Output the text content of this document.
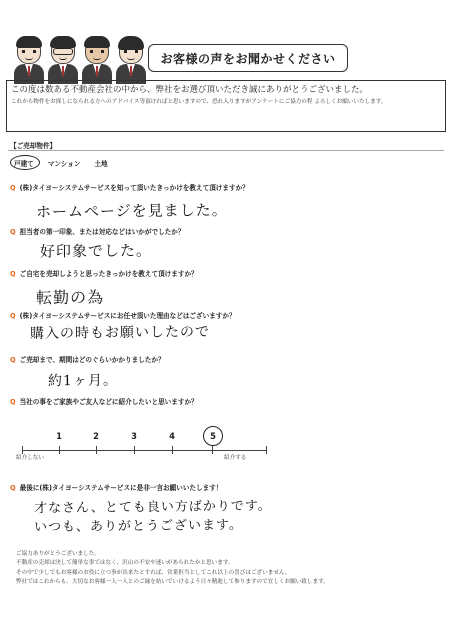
お客様の声をお聞かせください
この度は数ある不動産会社の中から、弊社をお選び頂いただき誠にありがとうございました。
これから物件をお探しになられる方へのアドバイス等頂ければと思いますので、恐れ入りますがアンケートにご協力の程 よろしくお願いいたします。
【ご売却物件】
戸建て マンション 土地
Q (株)タイヨーシステムサービスを知って頂いたきっかけを教えて頂けますか？
ホームページを見ました。
Q 担当者の第一印象、または対応などはいかがでしたか？
好印象でした。
Q ご自宅を売却しようと思ったきっかけを教えて頂けますか？
転勤の為
Q (株)タイヨーシステムサービスにお任せ頂いた理由などはございますか？
購入の時もお願いしたので
Q ご売却まで、期間はどのぐらいかかりましたか？
約1ヶ月。
Q 当社の事をご家族やご友人などに紹介したいと思いますか？
1	2	3	4	5
紹介しない	紹介する
Q 最後に(株)タイヨーシステムサービスに是非一言お願いいたします！
才なさん、とても良い方ばかりです。
いつも、ありがとうございます。
ご協力ありがとうございました。
不動産の売却は決して簡単な事ではなく、沢山の不安や迷いがあられたかと思います。
その中で少しでもお客様のお役に立つ事が出来たとすれば、営業担当としてこれ以上の喜びはございません。
弊社ではこれからも、大切なお客様一人一人とのご縁を紡いでいけるよう日々精進して参りますので宜しくお願い致します。
